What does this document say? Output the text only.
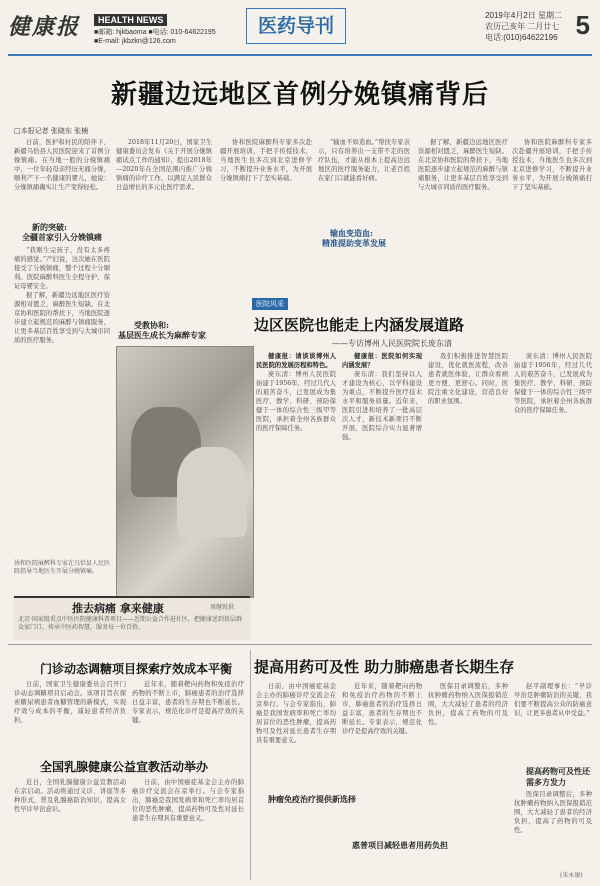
健康报	HEALTH NEWS
■邮箱: hjkbaoma ■电话: 010-64622195
■E-mail: jkbzkn@126.com
医药导刊	2019年4月2日 星期二
农历己亥年 二月廿七
电话:(010)64622196 5
新疆边远地区首例分娩镇痛背后
□本报记者 张晓东 张楠
新的突破:
全疆首家引入分娩镇痛

日前，医护和村民的陪伴下，新疆乌恰县人民医院迎来了首例分娩镇痛。在当地一般的分娩镇痛中，一位年轻母亲经历无痛分娩，顺利产下一名健康的婴儿，她说：分娩镇痛确实让生产变得轻松。

“我刚生完孩子，没有太多疼痛的感觉。”产妇说，这次她在医院接受了分娩镇痛，整个过程十分顺利。医院麻醉科医生全程守护，保证母婴安全。

据了解，新疆边远地区医疗资源相对匮乏，麻醉医生短缺。在北京协和医院的帮扶下，当地医院逐步建立起规范的麻醉与镇痛服务，让更多基层百姓享受到与大城市同质的医疗服务。

2018年11月20日，国家卫生健康委员会发布《关于开展分娩镇痛试点工作的通知》，提出2018年—2020年在全国范围内推广分娩镇痛的诊疗工作，以满足人民群众日益增长的多元化医疗需求。

受教协和:
基层医生成长为麻醉专家

协和医院麻醉科专家多次赴疆开展培训，手把手传授技术，当地医生也多次到北京进修学习，不断提升业务水平，为开展分娩镇痛打下了坚实基础。

“输血不如造血。”帮扶专家表示，只有培养出一支带不走的医疗队伍，才能从根本上提高边远地区的医疗服务能力，让老百姓在家门口就能看好病。

输血变造血:
精准提助变革发展
协和医院麻醉科专家在乌恰县人民医院指导当地医生开展分娩镇痛。

据了解，新疆边远地区医疗资源相对匮乏，麻醉医生短缺。在北京协和医院的帮扶下，当地医院逐步建立起规范的麻醉与镇痛服务，让更多基层百姓享受到与大城市同质的医疗服务。

协和医院麻醉科专家多次赴疆开展培训，手把手传授技术，当地医生也多次到北京进修学习，不断提升业务水平，为开展分娩镇痛打下了坚实基础。

医院风采
边区医院也能走上内涵发展道路
——专访博州人民医院院长庞东清

健康报：请谈谈博州人民医院的发展历程和特色。

庞东清：博州人民医院始建于1956年，经过几代人的艰苦奋斗，已发展成为集医疗、教学、科研、预防保健于一体的综合性三级甲等医院，承担着全州各族群众的医疗保障任务。

健康报：医院如何实现内涵发展？

庞东清：我们坚持以人才建设为核心，以学科建设为重点，不断提升医疗技术水平和服务质量。近年来，医院引进和培养了一批高层次人才，新技术新项目不断开展，医院综合实力显著增强。

我们积极推进智慧医院建设，优化就医流程，改善患者就医体验，让群众看病更方便、更舒心。同时，医院注重文化建设，营造良好的职业氛围。

庞东清：博州人民医院始建于1956年，经过几代人的艰苦奋斗，已发展成为集医疗、教学、科研、预防保健于一体的综合性三级甲等医院，承担着全州各族群众的医疗保障任务。

推去病痛 拿来健康
北京·国家级重点中医医院健康科普项目——近期公益合作进社区，把健康送到基层群众家门口，传承中医药智慧，服务每一位百姓。
周继锐供
提高用药可及性 助力肺癌患者长期生存
门诊动态调糖项目探索疗效成本平衡

日前，国家卫生健康委员会召开门诊动态调糖项目启动会。该项目旨在探索糖尿病患者血糖管理的新模式，实现疗效与成本的平衡，减轻患者经济负担。

近年来，随着靶向药物和免疫治疗药物的不断上市，肺癌患者的治疗选择日益丰富，患者的生存期也不断延长。专家表示，规范化诊疗是提高疗效的关键。

全国乳腺健康公益宣教活动举办

近日，全国乳腺健康公益宣教活动在京启动。活动将通过义诊、讲座等多种形式，普及乳腺癌防治知识，提高女性早诊早治意识。

日前，由中国癌症基金会主办的肺癌诊疗交流会在京举行。与会专家指出，肺癌是我国发病率和死亡率均居首位的恶性肿瘤，提高药物可及性对延长患者生存期具有重要意义。

日前，由中国癌症基金会主办的肺癌诊疗交流会在京举行。与会专家指出，肺癌是我国发病率和死亡率均居首位的恶性肿瘤，提高药物可及性对延长患者生存期具有重要意义。

肿瘤免疫治疗提供新选择

近年来，随着靶向药物和免疫治疗药物的不断上市，肺癌患者的治疗选择日益丰富，患者的生存期也不断延长。专家表示，规范化诊疗是提高疗效的关键。

惠普项目减轻患者用药负担

医保目录调整后，多种抗肿瘤药物纳入医保报销范围，大大减轻了患者的经济负担，提高了药物的可及性。

赵平副理事长：“早诊早治是肿瘤防治的关键，我们要不断提高公众的防癌意识，让更多患者从中受益。”

提高药物可及性还需多方发力

医保目录调整后，多种抗肿瘤药物纳入医保报销范围，大大减轻了患者的经济负担，提高了药物的可及性。

(朱永康)
